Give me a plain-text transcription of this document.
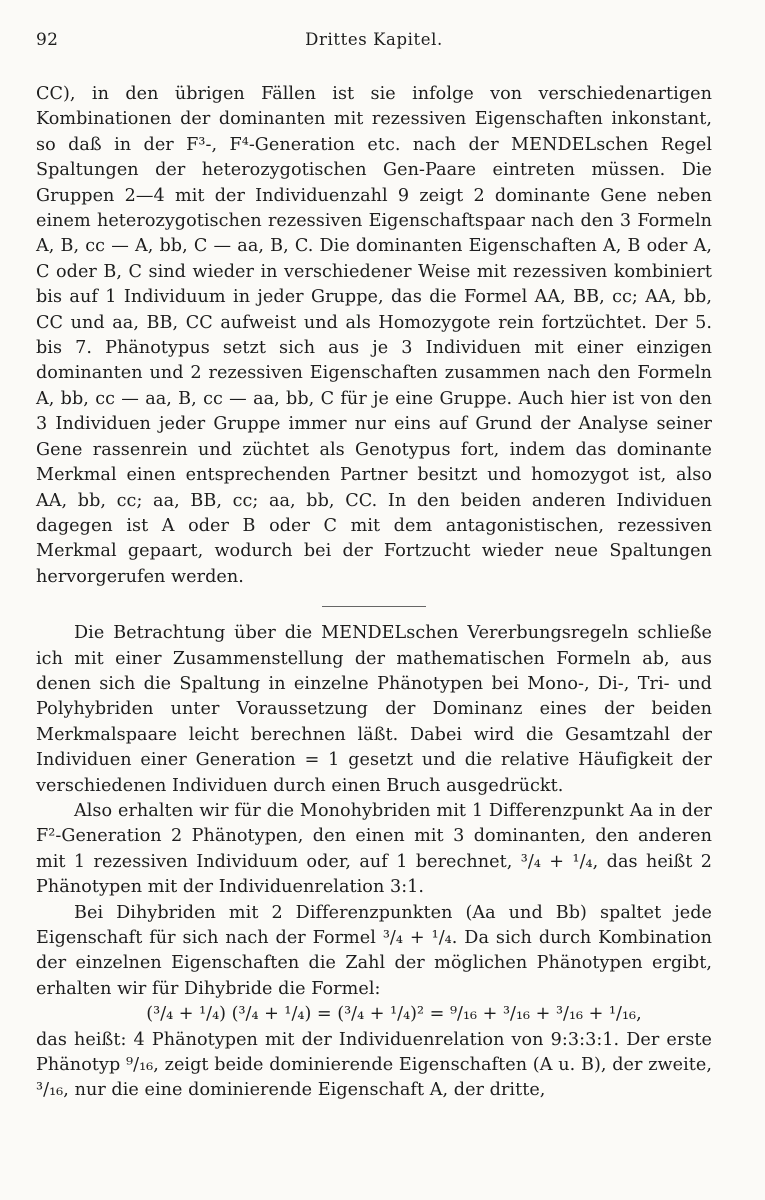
92	Drittes Kapitel.

CC), in den übrigen Fällen ist sie infolge von verschiedenartigen Kombinationen der dominanten mit rezessiven Eigenschaften inkonstant, so daß in der F³-, F⁴-Generation etc. nach der MENDELschen Regel Spaltungen der heterozygotischen Gen-Paare eintreten müssen. Die Gruppen 2—4 mit der Individuenzahl 9 zeigt 2 dominante Gene neben einem heterozygotischen rezessiven Eigenschaftspaar nach den 3 Formeln A, B, cc — A, bb, C — aa, B, C. Die dominanten Eigenschaften A, B oder A, C oder B, C sind wieder in verschiedener Weise mit rezessiven kombiniert bis auf 1 Individuum in jeder Gruppe, das die Formel AA, BB, cc; AA, bb, CC und aa, BB, CC aufweist und als Homozygote rein fortzüchtet. Der 5. bis 7. Phänotypus setzt sich aus je 3 Individuen mit einer einzigen dominanten und 2 rezessiven Eigenschaften zusammen nach den Formeln A, bb, cc — aa, B, cc — aa, bb, C für je eine Gruppe. Auch hier ist von den 3 Individuen jeder Gruppe immer nur eins auf Grund der Analyse seiner Gene rassenrein und züchtet als Genotypus fort, indem das dominante Merkmal einen entsprechenden Partner besitzt und homozygot ist, also AA, bb, cc; aa, BB, cc; aa, bb, CC. In den beiden anderen Individuen dagegen ist A oder B oder C mit dem antagonistischen, rezessiven Merkmal gepaart, wodurch bei der Fortzucht wieder neue Spaltungen hervorgerufen werden.

Die Betrachtung über die MENDELschen Vererbungsregeln schließe ich mit einer Zusammenstellung der mathematischen Formeln ab, aus denen sich die Spaltung in einzelne Phänotypen bei Mono-, Di-, Tri- und Polyhybriden unter Voraussetzung der Dominanz eines der beiden Merkmalspaare leicht berechnen läßt. Dabei wird die Gesamtzahl der Individuen einer Generation = 1 gesetzt und die relative Häufigkeit der verschiedenen Individuen durch einen Bruch ausgedrückt.

Also erhalten wir für die Monohybriden mit 1 Differenzpunkt Aa in der F²-Generation 2 Phänotypen, den einen mit 3 dominanten, den anderen mit 1 rezessiven Individuum oder, auf 1 berechnet, ³/₄ + ¹/₄, das heißt 2 Phänotypen mit der Individuenrelation 3:1.

Bei Dihybriden mit 2 Differenzpunkten (Aa und Bb) spaltet jede Eigenschaft für sich nach der Formel ³/₄ + ¹/₄. Da sich durch Kombination der einzelnen Eigenschaften die Zahl der möglichen Phänotypen ergibt, erhalten wir für Dihybride die Formel:

(³/₄ + ¹/₄) (³/₄ + ¹/₄) = (³/₄ + ¹/₄)² = ⁹/₁₆ + ³/₁₆ + ³/₁₆ + ¹/₁₆,

das heißt: 4 Phänotypen mit der Individuenrelation von 9:3:3:1. Der erste Phänotyp ⁹/₁₆, zeigt beide dominierende Eigenschaften (A u. B), der zweite, ³/₁₆, nur die eine dominierende Eigenschaft A, der dritte,
